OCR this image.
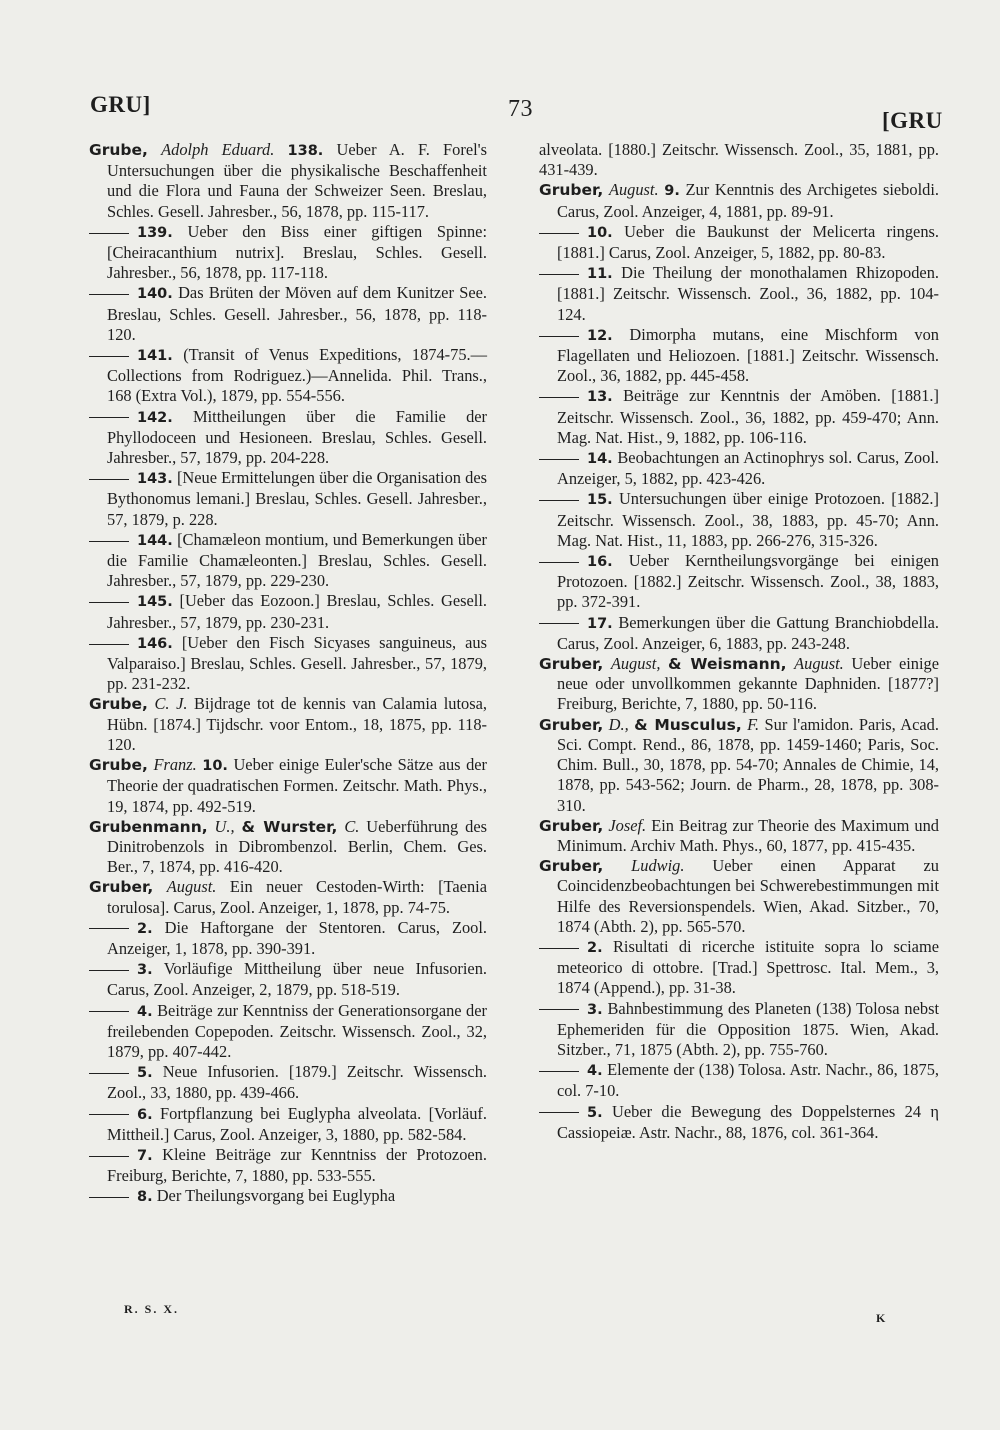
GRU]	73	[GRU

Grube, Adolph Eduard. 138. Ueber A. F. Forel's Untersuchungen über die physikalische Beschaffenheit und die Flora und Fauna der Schweizer Seen. Breslau, Schles. Gesell. Jahresber., 56, 1878, pp. 115-117.

139. Ueber den Biss einer giftigen Spinne: [Cheiracanthium nutrix]. Breslau, Schles. Gesell. Jahresber., 56, 1878, pp. 117-118.

140. Das Brüten der Möven auf dem Kunitzer See. Breslau, Schles. Gesell. Jahresber., 56, 1878, pp. 118-120.

141. (Transit of Venus Expeditions, 1874-75.—Collections from Rodriguez.)—Annelida. Phil. Trans., 168 (Extra Vol.), 1879, pp. 554-556.

142. Mittheilungen über die Familie der Phyllodoceen und Hesioneen. Breslau, Schles. Gesell. Jahresber., 57, 1879, pp. 204-228.

143. [Neue Ermittelungen über die Organisation des Bythonomus lemani.] Breslau, Schles. Gesell. Jahresber., 57, 1879, p. 228.

144. [Chamæleon montium, und Bemerkungen über die Familie Chamæleonten.] Breslau, Schles. Gesell. Jahresber., 57, 1879, pp. 229-230.

145. [Ueber das Eozoon.] Breslau, Schles. Gesell. Jahresber., 57, 1879, pp. 230-231.

146. [Ueber den Fisch Sicyases sanguineus, aus Valparaiso.] Breslau, Schles. Gesell. Jahresber., 57, 1879, pp. 231-232.

Grube, C. J. Bijdrage tot de kennis van Calamia lutosa, Hübn. [1874.] Tijdschr. voor Entom., 18, 1875, pp. 118-120.

Grube, Franz. 10. Ueber einige Euler'sche Sätze aus der Theorie der quadratischen Formen. Zeitschr. Math. Phys., 19, 1874, pp. 492-519.

Grubenmann, U., & Wurster, C. Ueberführung des Dinitrobenzols in Dibrombenzol. Berlin, Chem. Ges. Ber., 7, 1874, pp. 416-420.

Gruber, August. Ein neuer Cestoden-Wirth: [Taenia torulosa]. Carus, Zool. Anzeiger, 1, 1878, pp. 74-75.

2. Die Haftorgane der Stentoren. Carus, Zool. Anzeiger, 1, 1878, pp. 390-391.

3. Vorläufige Mittheilung über neue Infusorien. Carus, Zool. Anzeiger, 2, 1879, pp. 518-519.

4. Beiträge zur Kenntniss der Generationsorgane der freilebenden Copepoden. Zeitschr. Wissensch. Zool., 32, 1879, pp. 407-442.

5. Neue Infusorien. [1879.] Zeitschr. Wissensch. Zool., 33, 1880, pp. 439-466.

6. Fortpflanzung bei Euglypha alveolata. [Vorläuf. Mittheil.] Carus, Zool. Anzeiger, 3, 1880, pp. 582-584.

7. Kleine Beiträge zur Kenntniss der Protozoen. Freiburg, Berichte, 7, 1880, pp. 533-555.

8. Der Theilungsvorgang bei Euglypha

alveolata. [1880.] Zeitschr. Wissensch. Zool., 35, 1881, pp. 431-439.

Gruber, August. 9. Zur Kenntnis des Archigetes sieboldi. Carus, Zool. Anzeiger, 4, 1881, pp. 89-91.

10. Ueber die Baukunst der Melicerta ringens. [1881.] Carus, Zool. Anzeiger, 5, 1882, pp. 80-83.

11. Die Theilung der monothalamen Rhizopoden. [1881.] Zeitschr. Wissensch. Zool., 36, 1882, pp. 104-124.

12. Dimorpha mutans, eine Mischform von Flagellaten und Heliozoen. [1881.] Zeitschr. Wissensch. Zool., 36, 1882, pp. 445-458.

13. Beiträge zur Kenntnis der Amöben. [1881.] Zeitschr. Wissensch. Zool., 36, 1882, pp. 459-470; Ann. Mag. Nat. Hist., 9, 1882, pp. 106-116.

14. Beobachtungen an Actinophrys sol. Carus, Zool. Anzeiger, 5, 1882, pp. 423-426.

15. Untersuchungen über einige Protozoen. [1882.] Zeitschr. Wissensch. Zool., 38, 1883, pp. 45-70; Ann. Mag. Nat. Hist., 11, 1883, pp. 266-276, 315-326.

16. Ueber Kerntheilungsvorgänge bei einigen Protozoen. [1882.] Zeitschr. Wissensch. Zool., 38, 1883, pp. 372-391.

17. Bemerkungen über die Gattung Branchiobdella. Carus, Zool. Anzeiger, 6, 1883, pp. 243-248.

Gruber, August, & Weismann, August. Ueber einige neue oder unvollkommen gekannte Daphniden. [1877?] Freiburg, Berichte, 7, 1880, pp. 50-116.

Gruber, D., & Musculus, F. Sur l'amidon. Paris, Acad. Sci. Compt. Rend., 86, 1878, pp. 1459-1460; Paris, Soc. Chim. Bull., 30, 1878, pp. 54-70; Annales de Chimie, 14, 1878, pp. 543-562; Journ. de Pharm., 28, 1878, pp. 308-310.

Gruber, Josef. Ein Beitrag zur Theorie des Maximum und Minimum. Archiv Math. Phys., 60, 1877, pp. 415-435.

Gruber, Ludwig. Ueber einen Apparat zu Coincidenzbeobachtungen bei Schwerebestimmungen mit Hilfe des Reversionspendels. Wien, Akad. Sitzber., 70, 1874 (Abth. 2), pp. 565-570.

2. Risultati di ricerche istituite sopra lo sciame meteorico di ottobre. [Trad.] Spettrosc. Ital. Mem., 3, 1874 (Append.), pp. 31-38.

3. Bahnbestimmung des Planeten (138) Tolosa nebst Ephemeriden für die Opposition 1875. Wien, Akad. Sitzber., 71, 1875 (Abth. 2), pp. 755-760.

4. Elemente der (138) Tolosa. Astr. Nachr., 86, 1875, col. 7-10.

5. Ueber die Bewegung des Doppelsternes 24 η Cassiopeiæ. Astr. Nachr., 88, 1876, col. 361-364.

R. S. X.
K
